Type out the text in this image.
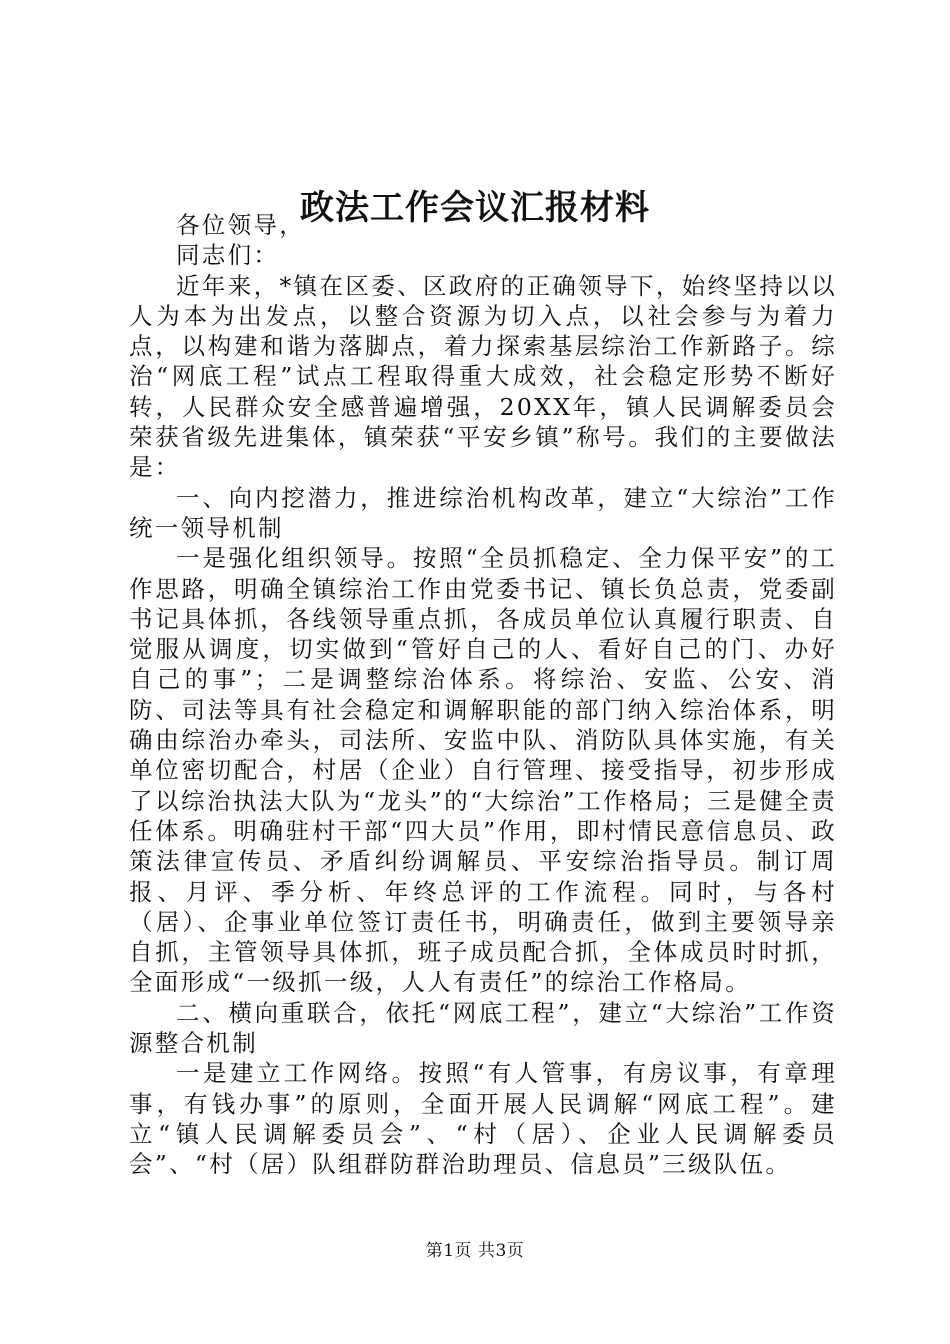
政法工作会议汇报材料

各位领导，

同志们：

近年来，*镇在区委、区政府的正确领导下，始终坚持以以人为本为出发点，以整合资源为切入点，以社会参与为着力点，以构建和谐为落脚点，着力探索基层综治工作新路子。综治“网底工程”试点工程取得重大成效，社会稳定形势不断好转，人民群众安全感普遍增强，20XX年，镇人民调解委员会荣获省级先进集体，镇荣获“平安乡镇”称号。我们的主要做法是：

一、向内挖潜力，推进综治机构改革，建立“大综治”工作统一领导机制

一是强化组织领导。按照“全员抓稳定、全力保平安”的工作思路，明确全镇综治工作由党委书记、镇长负总责，党委副书记具体抓，各线领导重点抓，各成员单位认真履行职责、自觉服从调度，切实做到“管好自己的人、看好自己的门、办好自己的事”；二是调整综治体系。将综治、安监、公安、消防、司法等具有社会稳定和调解职能的部门纳入综治体系，明确由综治办牵头，司法所、安监中队、消防队具体实施，有关单位密切配合，村居（企业）自行管理、接受指导，初步形成了以综治执法大队为“龙头”的“大综治”工作格局；三是健全责任体系。明确驻村干部“四大员”作用，即村情民意信息员、政策法律宣传员、矛盾纠纷调解员、平安综治指导员。制订周报、月评、季分析、年终总评的工作流程。同时，与各村（居）、企事业单位签订责任书，明确责任，做到主要领导亲自抓，主管领导具体抓，班子成员配合抓，全体成员时时抓，全面形成“一级抓一级，人人有责任”的综治工作格局。

二、横向重联合，依托“网底工程”，建立“大综治”工作资源整合机制

一是建立工作网络。按照“有人管事，有房议事，有章理事，有钱办事”的原则，全面开展人民调解“网底工程”。建立“镇人民调解委员会”、“村（居）、企业人民调解委员会”、“村（居）队组群防群治助理员、信息员”三级队伍。

第1页 共3页
